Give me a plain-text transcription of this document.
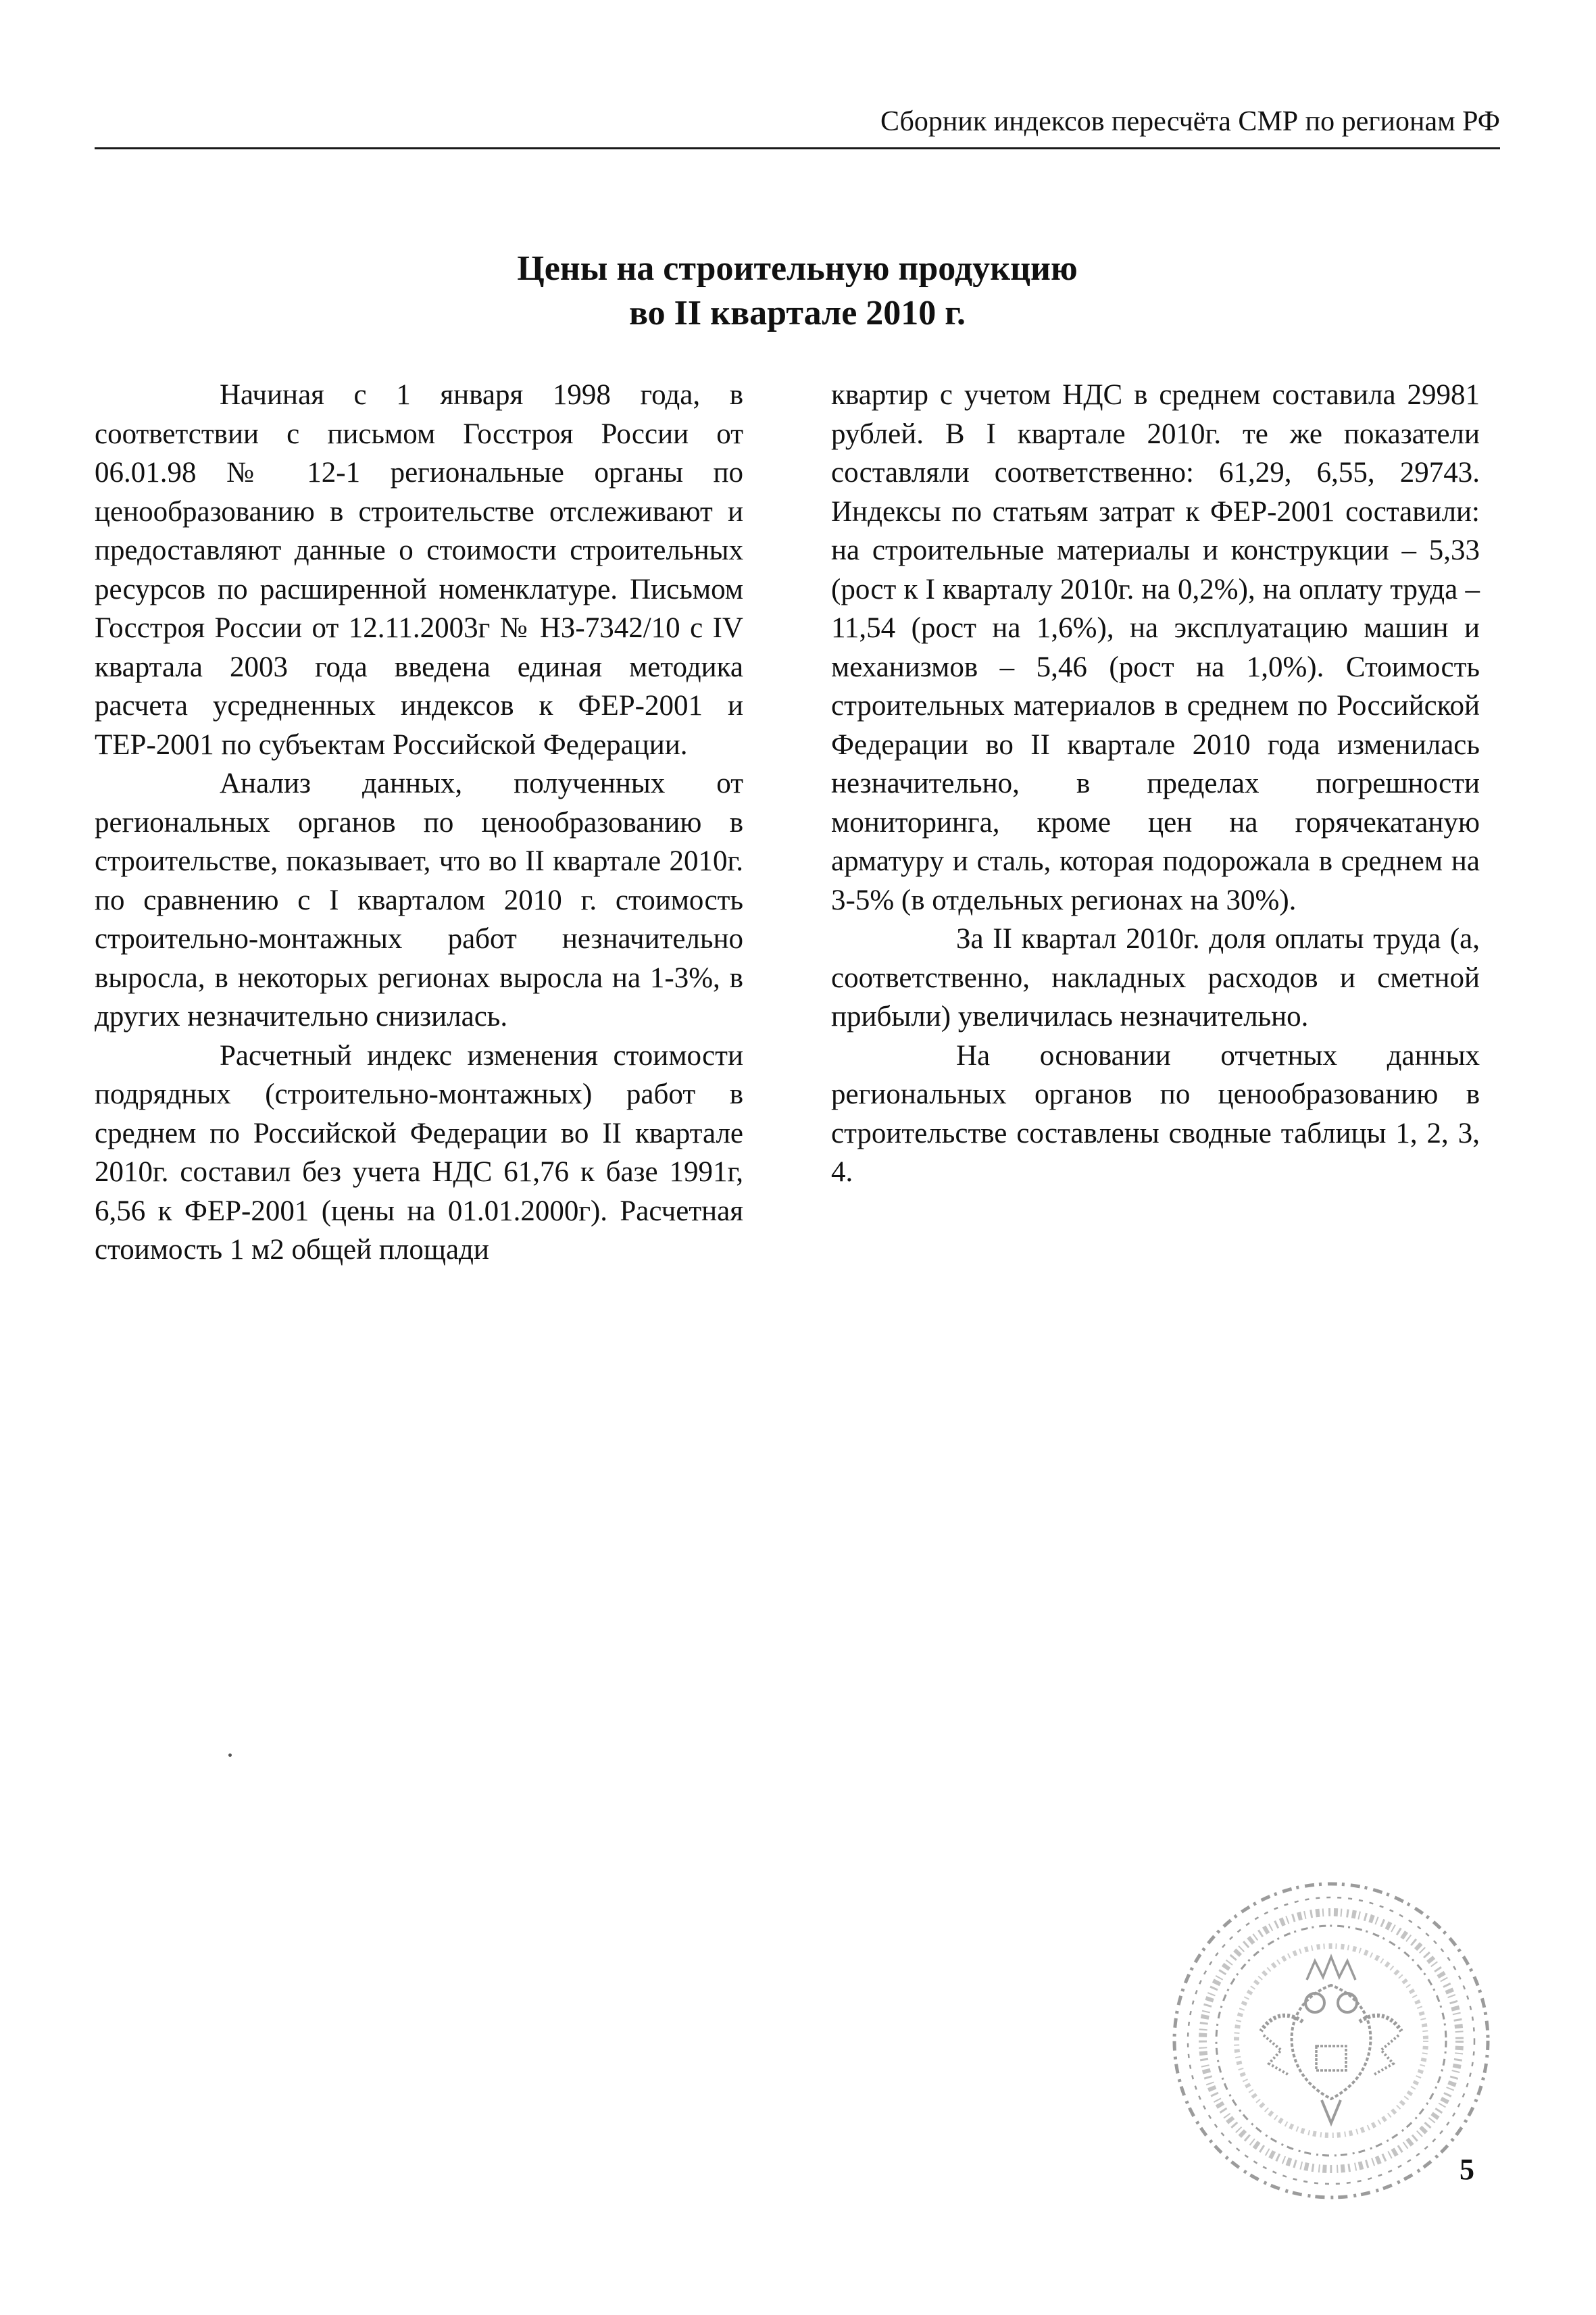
Сборник индексов пересчёта СМР по регионам РФ
Цены на строительную продукцию
во II квартале 2010 г.

Начиная с 1 января 1998 года, в соответствии с письмом Госстроя России от 06.01.98 № 12-1 региональные органы по ценообразованию в строительстве отслеживают и предоставляют данные о стоимости строительных ресурсов по расширенной номенклатуре. Письмом Госстроя России от 12.11.2003г № НЗ-7342/10 с IV квартала 2003 года введена единая методика расчета усредненных индексов к ФЕР-2001 и ТЕР-2001 по субъектам Российской Федерации.

Анализ данных, полученных от региональных органов по ценообразованию в строительстве, показывает, что во II квартале 2010г. по сравнению с I кварталом 2010 г. стоимость строительно-монтажных работ незначительно выросла, в некоторых регионах выросла на 1-3%, в других незначительно снизилась.

Расчетный индекс изменения стоимости подрядных (строительно-монтажных) работ в среднем по Российской Федерации во II квартале 2010г. составил без учета НДС 61,76 к базе 1991г, 6,56 к ФЕР-2001 (цены на 01.01.2000г). Расчетная стоимость 1 м2 общей площади

квартир с учетом НДС в среднем составила 29981 рублей. В I квартале 2010г. те же показатели составляли соответственно: 61,29, 6,55, 29743. Индексы по статьям затрат к ФЕР-2001 составили: на строительные материалы и конструкции – 5,33 (рост к I кварталу 2010г. на 0,2%), на оплату труда – 11,54 (рост на 1,6%), на эксплуатацию машин и механизмов – 5,46 (рост на 1,0%). Стоимость строительных материалов в среднем по Российской Федерации во II квартале 2010 года изменилась незначительно, в пределах погрешности мониторинга, кроме цен на горячекатаную арматуру и сталь, которая подорожала в среднем на 3-5% (в отдельных регионах на 30%).

За II квартал 2010г. доля оплаты труда (а, соответственно, накладных расходов и сметной прибыли) увеличилась незначительно.

На основании отчетных данных региональных органов по ценообразованию в строительстве составлены сводные таблицы 1, 2, 3, 4.

5
